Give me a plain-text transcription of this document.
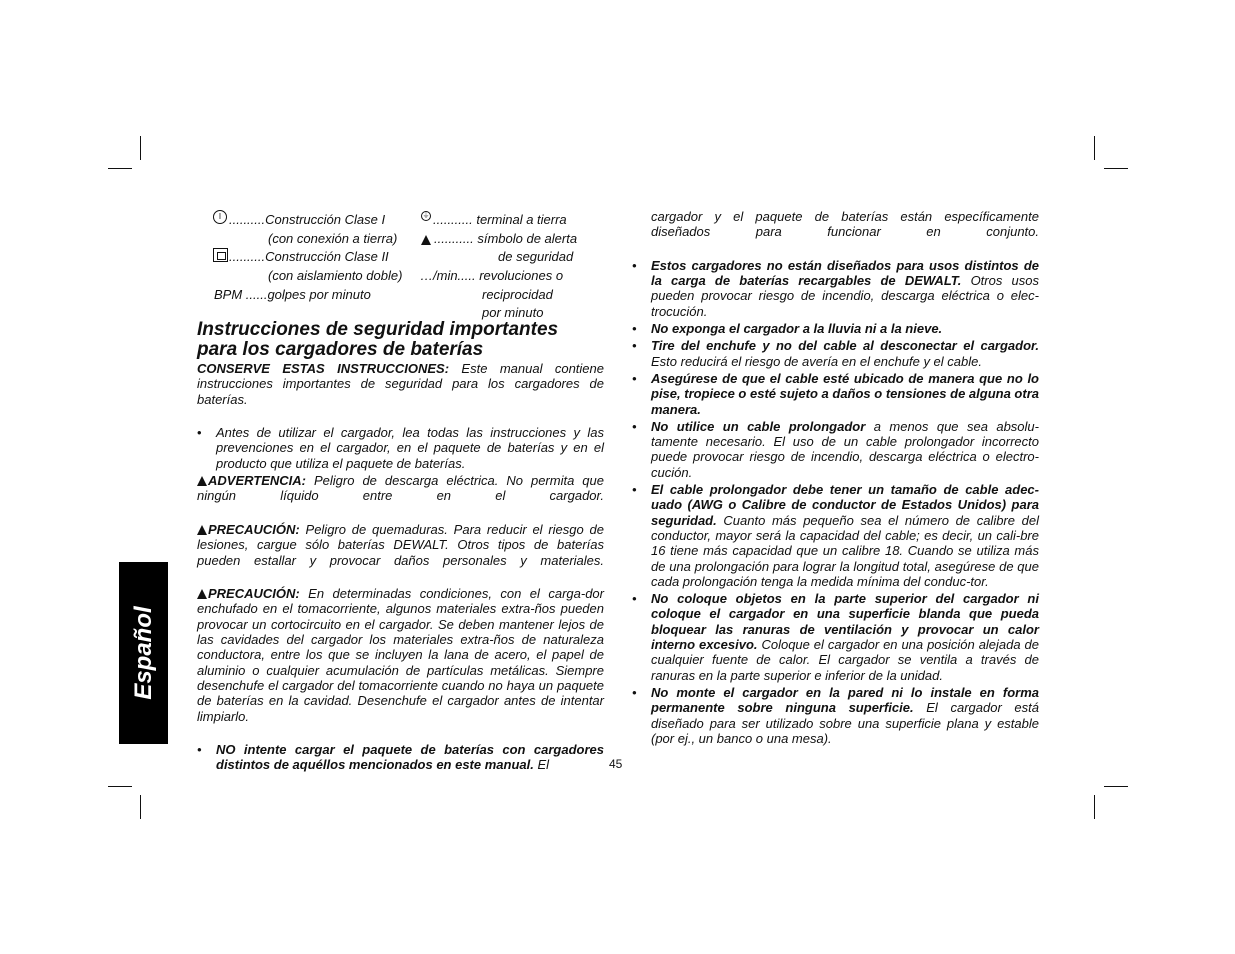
Español
I ..........Construcción Clase I
(con conexión a tierra)
..........Construcción Clase II
(con aislamiento doble)
BPM ......golpes por minuto
⏚ ........... terminal a tierra
........... símbolo de alerta
de seguridad
…/min..... revoluciones o
reciprocidad
por minuto
Instrucciones de seguridad importantes
para los cargadores de baterías

CONSERVE ESTAS INSTRUCCIONES: Este manual contiene instrucciones importantes de seguridad para los cargadores de baterías.

• Antes de utilizar el cargador, lea todas las instrucciones y las prevenciones en el cargador, en el paquete de baterías y en el producto que utiliza el paquete de baterías.

ADVERTENCIA: Peligro de descarga eléctrica. No permita que ningún líquido entre en el cargador.

PRECAUCIÓN: Peligro de quemaduras. Para reducir el riesgo de lesiones, cargue sólo baterías DEWALT. Otros tipos de baterías pueden estallar y provocar daños personales y materiales.

PRECAUCIÓN: En determinadas condiciones, con el carga-dor enchufado en el tomacorriente, algunos materiales extra-ños pueden provocar un cortocircuito en el cargador. Se deben mantener lejos de las cavidades del cargador los materiales extra-ños de naturaleza conductora, entre los que se incluyen la lana de acero, el papel de aluminio o cualquier acumulación de partículas metálicas. Siempre desenchufe el cargador del tomacorriente cuando no haya un paquete de baterías en la cavidad. Desenchufe el cargador antes de intentar limpiarlo.

• NO intente cargar el paquete de baterías con cargadores distintos de aquéllos mencionados en este manual. El

cargador y el paquete de baterías están específicamente diseñados para funcionar en conjunto.

• Estos cargadores no están diseñados para usos distintos de la carga de baterías recargables de DEWALT. Otros usos pueden provocar riesgo de incendio, descarga eléctrica o elec-trocución.
• No exponga el cargador a la lluvia ni a la nieve.
• Tire del enchufe y no del cable al desconectar el cargador. Esto reducirá el riesgo de avería en el enchufe y el cable.
• Asegúrese de que el cable esté ubicado de manera que no lo pise, tropiece o esté sujeto a daños o tensiones de alguna otra manera.
• No utilice un cable prolongador a menos que sea absolu-tamente necesario. El uso de un cable prolongador incorrecto puede provocar riesgo de incendio, descarga eléctrica o electro-cución.
• El cable prolongador debe tener un tamaño de cable adec-uado (AWG o Calibre de conductor de Estados Unidos) para seguridad. Cuanto más pequeño sea el número de calibre del conductor, mayor será la capacidad del cable; es decir, un cali-bre 16 tiene más capacidad que un calibre 18. Cuando se utiliza más de una prolongación para lograr la longitud total, asegúrese de que cada prolongación tenga la medida mínima del conduc-tor.
• No coloque objetos en la parte superior del cargador ni coloque el cargador en una superficie blanda que pueda bloquear las ranuras de ventilación y provocar un calor interno excesivo. Coloque el cargador en una posición alejada de cualquier fuente de calor. El cargador se ventila a través de ranuras en la parte superior e inferior de la unidad.
• No monte el cargador en la pared ni lo instale en forma permanente sobre ninguna superficie. El cargador está diseñado para ser utilizado sobre una superficie plana y estable (por ej., un banco o una mesa).
45
